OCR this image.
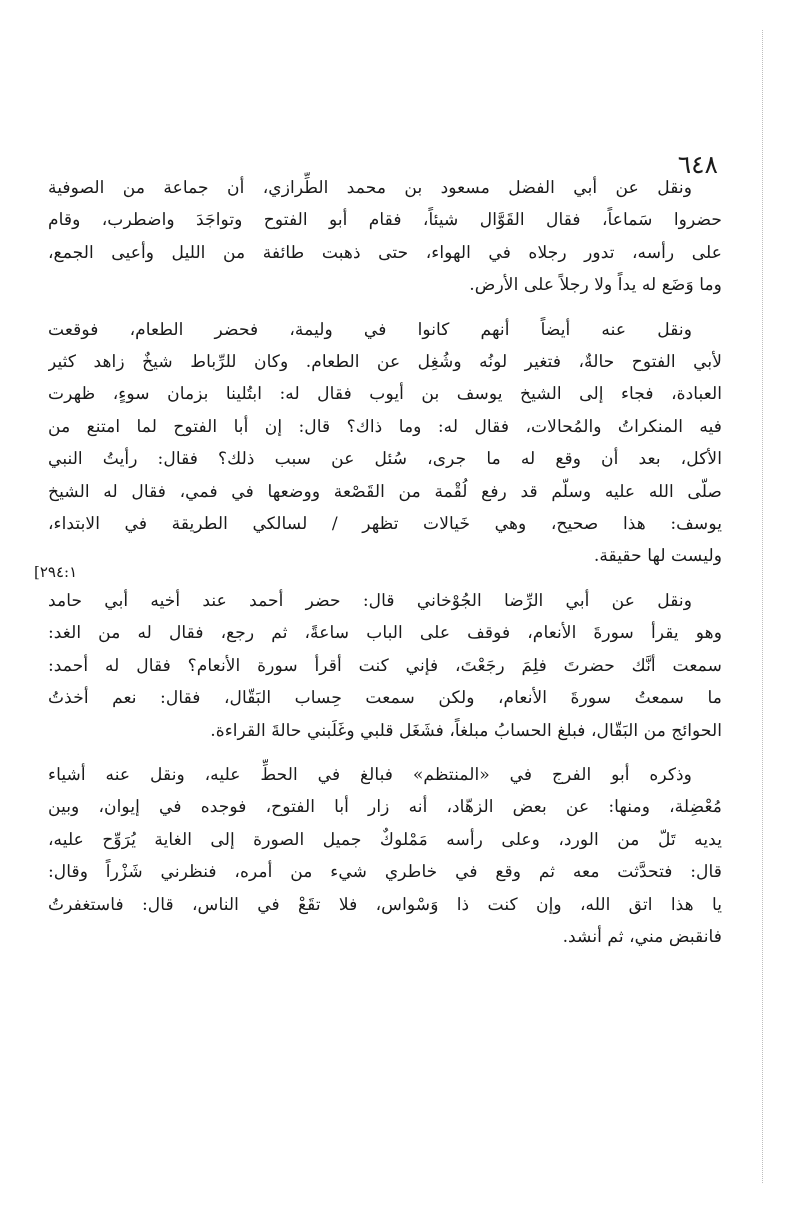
٦٤٨
ونقل عن أبي الفضل مسعود بن محمد الطِّرازي، أن جماعة من الصوفية
حضروا سَماعاً، فقال القَوَّال شيئاً، فقام أبو الفتوح وتواجَدَ واضطرب، وقام
على رأسه، تدور رجلاه في الهواء، حتى ذهبت طائفة من الليل وأعيى الجمع،
وما وَضَع له يداً ولا رجلاً على الأرض.
ونقل عنه أيضاً أنهم كانوا في وليمة، فحضر الطعام، فوقعت
لأبي الفتوح حالةٌ، فتغير لونُه وشُغِل عن الطعام. وكان للرِّباط شيخٌ زاهد كثير
العبادة، فجاء إلى الشيخ يوسف بن أيوب فقال له: ابتُلينا بزمان سوءٍ، ظهرت
فيه المنكراتُ والمُحالات، فقال له: وما ذاك؟ قال: إن أبا الفتوح لما امتنع من
الأكل، بعد أن وقع له ما جرى، سُئل عن سبب ذلك؟ فقال: رأيتُ النبي
صلّى الله عليه وسلّم قد رفع لُقْمة من القَصْعة ووضعها في فمي، فقال له الشيخ
يوسف: هذا صحيح، وهي خَيالات تظهر / لسالكي الطريقة في الابتداء،
وليست لها حقيقة.
ونقل عن أبي الرِّضا الجُوْخاني قال: حضر أحمد عند أخيه أبي حامد
وهو يقرأ سورةَ الأنعام، فوقف على الباب ساعةً، ثم رجع، فقال له من الغد:
سمعت أنَّك حضرتَ فلِمَ رجَعْتَ، فإني كنت أقرأ سورة الأنعام؟ فقال له أحمد:
ما سمعتُ سورةَ الأنعام، ولكن سمعت حِساب البَقّال، فقال: نعم أخذتُ
الحوائج من البَقّال، فبلغ الحسابُ مبلغاً، فشَغَل قلبي وغَلَبني حالةَ القراءة.
وذكره أبو الفرج في «المنتظم» فبالغ في الحطِّ عليه، ونقل عنه أشياء
مُعْضِلة، ومنها: عن بعض الزهّاد، أنه زار أبا الفتوح، فوجده في إيوان، وبين
يديه تَلّ من الورد، وعلى رأسه مَمْلوكٌ جميل الصورة إلى الغاية يُرَوِّح عليه،
قال: فتحدَّثت معه ثم وقع في خاطري شيء من أمره، فنظرني شَزْراً وقال:
يا هذا اتق الله، وإن كنت ذا وَسْواس، فلا تقَعْ في الناس، قال: فاستغفرتُ
فانقبض مني، ثم أنشد.
[٢٩٤:١
